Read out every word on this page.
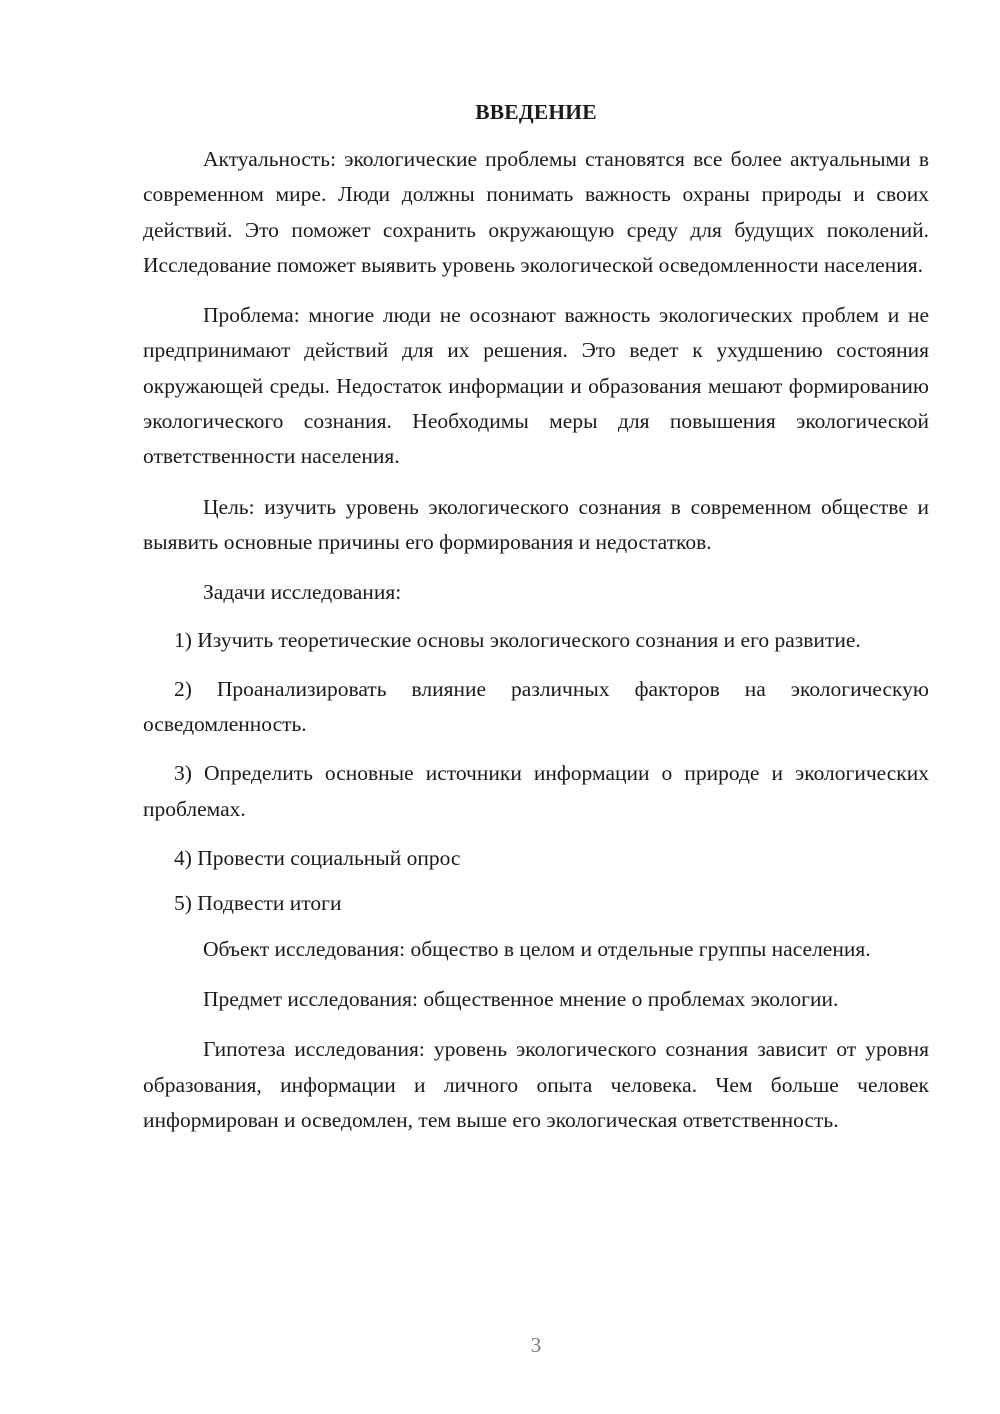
ВВЕДЕНИЕ

Актуальность: экологические проблемы становятся все более актуальными в современном мире. Люди должны понимать важность охраны природы и своих действий. Это поможет сохранить окружающую среду для будущих поколений. Исследование поможет выявить уровень экологической осведомленности населения.

Проблема: многие люди не осознают важность экологических проблем и не предпринимают действий для их решения. Это ведет к ухудшению состояния окружающей среды. Недостаток информации и образования мешают формированию экологического сознания. Необходимы меры для повышения экологической ответственности населения.

Цель: изучить уровень экологического сознания в современном обществе и выявить основные причины его формирования и недостатков.

Задачи исследования:

1) Изучить теоретические основы экологического сознания и его развитие.

2) Проанализировать влияние различных факторов на экологическую осведомленность.

3) Определить основные источники информации о природе и экологических проблемах.

4) Провести социальный опрос

5) Подвести итоги

Объект исследования: общество в целом и отдельные группы населения.

Предмет исследования: общественное мнение о проблемах экологии.

Гипотеза исследования: уровень экологического сознания зависит от уровня образования, информации и личного опыта человека. Чем больше человек информирован и осведомлен, тем выше его экологическая ответственность.

3
